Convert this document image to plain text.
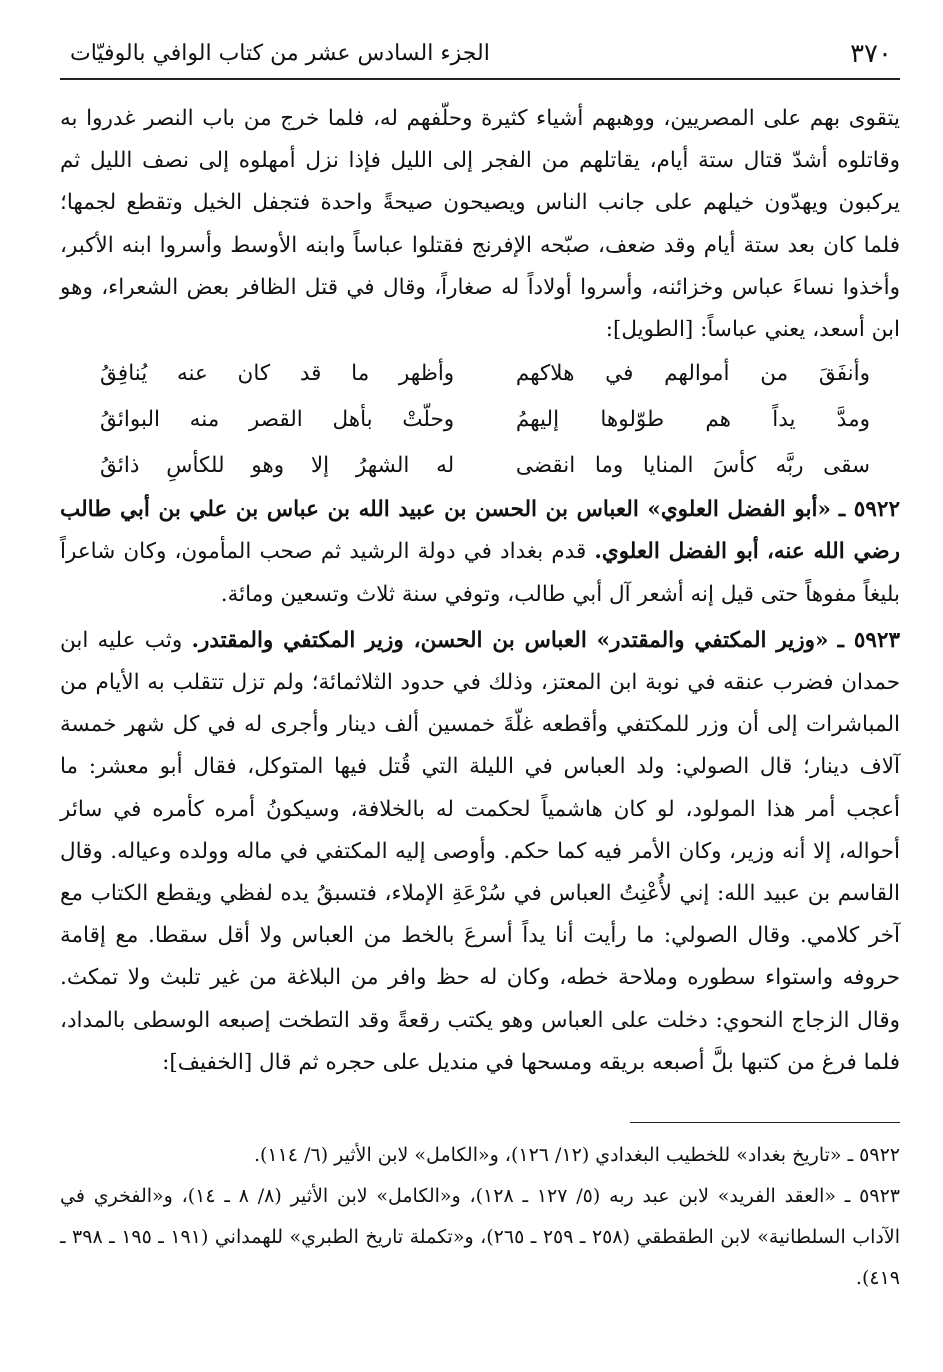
٣٧٠
الجزء السادس عشر من كتاب الوافي بالوفيّات

يتقوى بهم على المصريين، ووهبهم أشياء كثيرة وحلّفهم له، فلما خرج من باب النصر غدروا به وقاتلوه أشدّ قتال ستة أيام، يقاتلهم من الفجر إلى الليل فإذا نزل أمهلوه إلى نصف الليل ثم يركبون ويهدّون خيلهم على جانب الناس ويصيحون صيحةً واحدة فتجفل الخيل وتقطع لجمها؛ فلما كان بعد ستة أيام وقد ضعف، صبّحه الإفرنج فقتلوا عباساً وابنه الأوسط وأسروا ابنه الأكبر، وأخذوا نساءَ عباس وخزائنه، وأسروا أولاداً له صغاراً، وقال في قتل الظافر بعض الشعراء، وهو ابن أسعد، يعني عباساً: [الطويل]:

وأنفَقَ من أموالهم في هلاكهم
وأظهر ما قد كان عنه يُنافِقُ
ومدَّ يداً هم طوّلوها إليهمُ
وحلّتْ بأهل القصر منه البوائقُ
سقى ربَّه كأسَ المنايا وما انقضى
له الشهرُ إلا وهو للكأسِ ذائقُ

٥٩٢٢ ـ «أبو الفضل العلوي» العباس بن الحسن بن عبيد الله بن عباس بن علي بن أبي طالب رضي الله عنه، أبو الفضل العلوي. قدم بغداد في دولة الرشيد ثم صحب المأمون، وكان شاعراً بليغاً مفوهاً حتى قيل إنه أشعر آل أبي طالب، وتوفي سنة ثلاث وتسعين ومائة.

٥٩٢٣ ـ «وزير المكتفي والمقتدر» العباس بن الحسن، وزير المكتفي والمقتدر. وثب عليه ابن حمدان فضرب عنقه في نوبة ابن المعتز، وذلك في حدود الثلاثمائة؛ ولم تزل تتقلب به الأيام من المباشرات إلى أن وزر للمكتفي وأقطعه غلّةَ خمسين ألف دينار وأجرى له في كل شهر خمسة آلاف دينار؛ قال الصولي: ولد العباس في الليلة التي قُتل فيها المتوكل، فقال أبو معشر: ما أعجب أمر هذا المولود، لو كان هاشمياً لحكمت له بالخلافة، وسيكونُ أمره كأمره في سائر أحواله، إلا أنه وزير، وكان الأمر فيه كما حكم. وأوصى إليه المكتفي في ماله وولده وعياله. وقال القاسم بن عبيد الله: إني لأُعْنِتُ العباس في سُرْعَةِ الإملاء، فتسبقُ يده لفظي ويقطع الكتاب مع آخر كلامي. وقال الصولي: ما رأيت أنا يداً أسرعَ بالخط من العباس ولا أقل سقطا. مع إقامة حروفه واستواء سطوره وملاحة خطه، وكان له حظ وافر من البلاغة من غير تلبث ولا تمكث. وقال الزجاج النحوي: دخلت على العباس وهو يكتب رقعةً وقد التطخت إصبعه الوسطى بالمداد، فلما فرغ من كتبها بلَّ أصبعه بريقه ومسحها في منديل على حجره ثم قال [الخفيف]:

٥٩٢٢ ـ «تاريخ بغداد» للخطيب البغدادي (١٢/ ١٢٦)، و«الكامل» لابن الأثير (٦/ ١١٤).

٥٩٢٣ ـ «العقد الفريد» لابن عبد ربه (٥/ ١٢٧ ـ ١٢٨)، و«الكامل» لابن الأثير (٨/ ٨ ـ ١٤)، و«الفخري في الآداب السلطانية» لابن الطقطقي (٢٥٨ ـ ٢٥٩ ـ ٢٦٥)، و«تكملة تاريخ الطبري» للهمداني (١٩١ ـ ١٩٥ ـ ٣٩٨ ـ ٤١٩).
